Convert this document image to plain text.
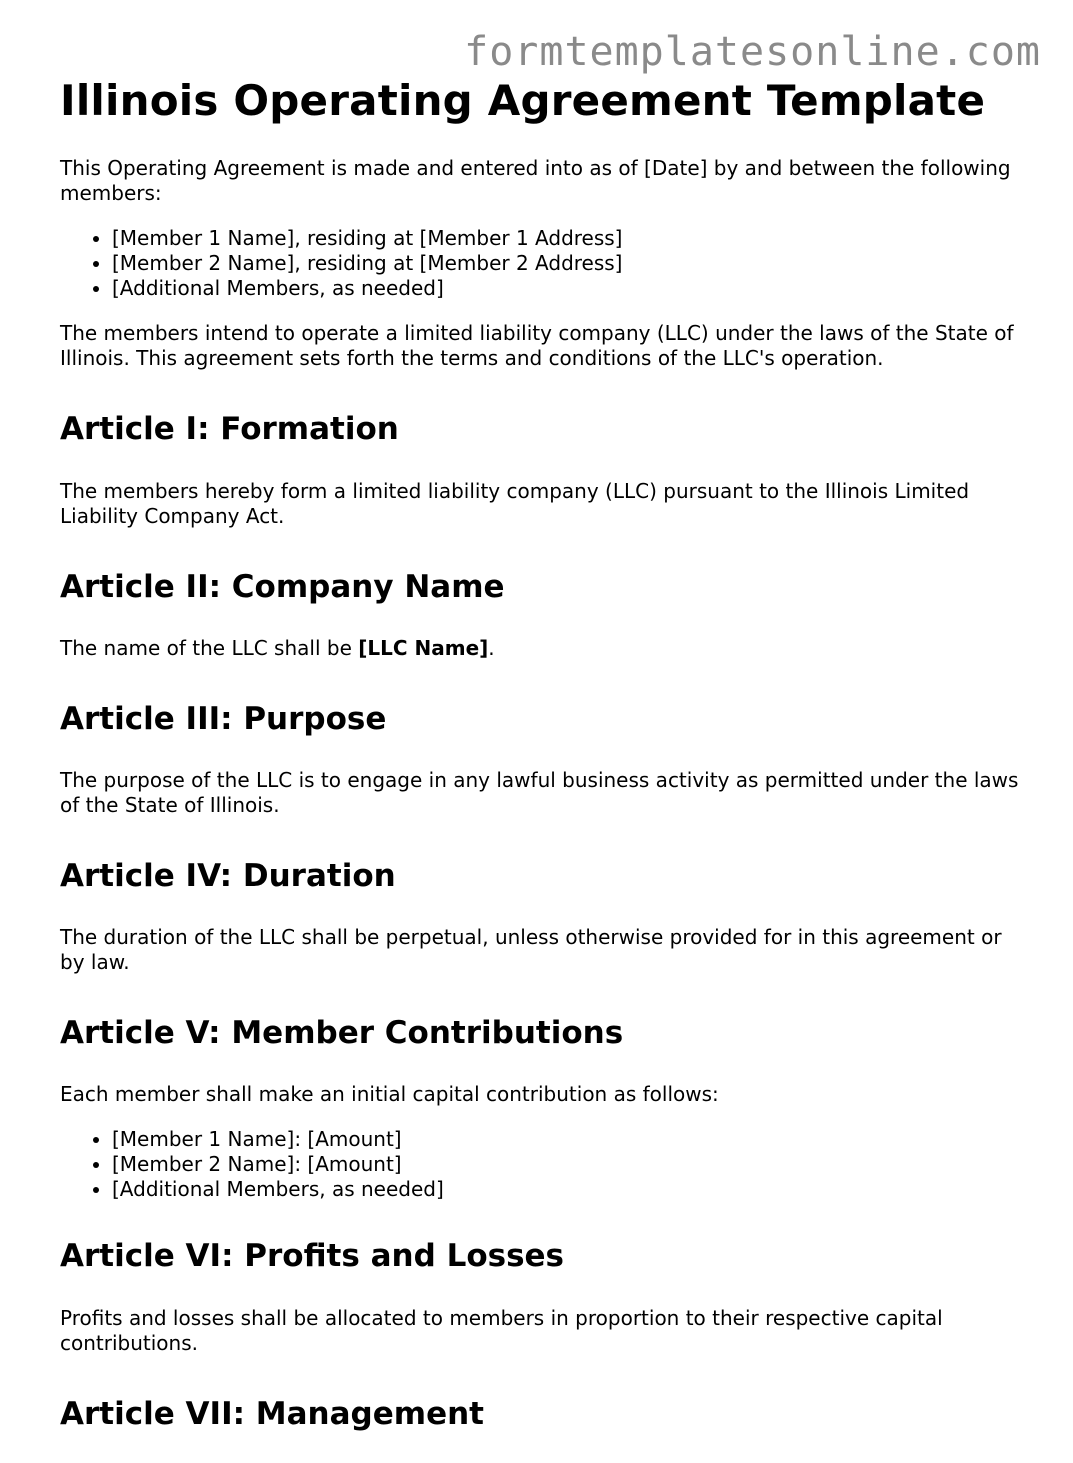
formtemplatesonline.com
Illinois Operating Agreement Template

This Operating Agreement is made and entered into as of [Date] by and between the following members:

• [Member 1 Name], residing at [Member 1 Address]
• [Member 2 Name], residing at [Member 2 Address]
• [Additional Members, as needed]

The members intend to operate a limited liability company (LLC) under the laws of the State of Illinois. This agreement sets forth the terms and conditions of the LLC's operation.

Article I: Formation

The members hereby form a limited liability company (LLC) pursuant to the Illinois Limited Liability Company Act.

Article II: Company Name

The name of the LLC shall be [LLC Name].

Article III: Purpose

The purpose of the LLC is to engage in any lawful business activity as permitted under the laws of the State of Illinois.

Article IV: Duration

The duration of the LLC shall be perpetual, unless otherwise provided for in this agreement or by law.

Article V: Member Contributions

Each member shall make an initial capital contribution as follows:

• [Member 1 Name]: [Amount]
• [Member 2 Name]: [Amount]
• [Additional Members, as needed]
Article VI: Profits and Losses

Profits and losses shall be allocated to members in proportion to their respective capital contributions.

Article VII: Management
